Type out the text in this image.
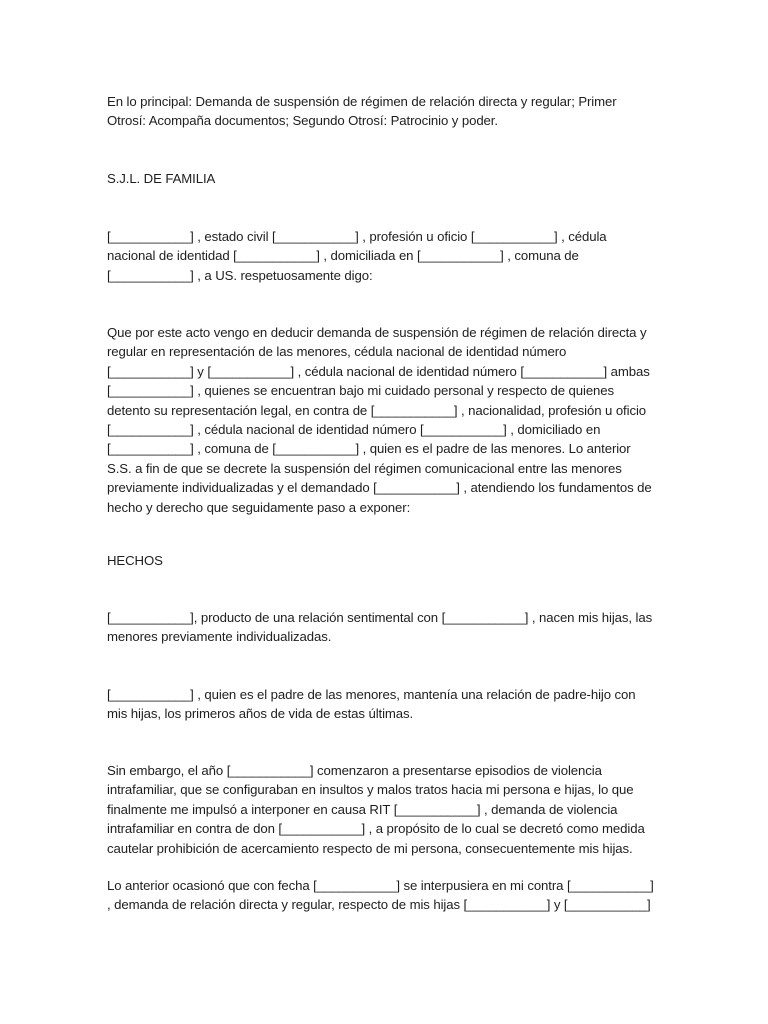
En lo principal: Demanda de suspensión de régimen de relación directa y regular; Primer Otrosí: Acompaña documentos; Segundo Otrosí: Patrocinio y poder.

S.J.L. DE FAMILIA

[___________] , estado civil [___________] , profesión u oficio [___________] , cédula nacional de identidad [___________] , domiciliada en [___________] , comuna de [___________] , a US. respetuosamente digo:

Que por este acto vengo en deducir demanda de suspensión de régimen de relación directa y regular en representación de las menores, cédula nacional de identidad número [___________] y [___________] , cédula nacional de identidad número [___________] ambas [___________] , quienes se encuentran bajo mi cuidado personal y respecto de quienes detento su representación legal, en contra de [___________] , nacionalidad, profesión u oficio [___________] , cédula nacional de identidad número [___________] , domiciliado en [___________] , comuna de [___________] , quien es el padre de las menores. Lo anterior S.S. a fin de que se decrete la suspensión del régimen comunicacional entre las menores previamente individualizadas y el demandado [___________] , atendiendo los fundamentos de hecho y derecho que seguidamente paso a exponer:

HECHOS

[___________], producto de una relación sentimental con [___________] , nacen mis hijas, las menores previamente individualizadas.

[___________] , quien es el padre de las menores, mantenía una relación de padre-hijo con mis hijas, los primeros años de vida de estas últimas.

Sin embargo, el año [___________] comenzaron a presentarse episodios de violencia intrafamiliar, que se configuraban en insultos y malos tratos hacia mi persona e hijas, lo que finalmente me impulsó a interponer en causa RIT [___________] , demanda de violencia intrafamiliar en contra de don [___________] , a propósito de lo cual se decretó como medida cautelar prohibición de acercamiento respecto de mi persona, consecuentemente mis hijas.

Lo anterior ocasionó que con fecha [___________] se interpusiera en mi contra [___________] , demanda de relación directa y regular, respecto de mis hijas [___________] y [___________]
